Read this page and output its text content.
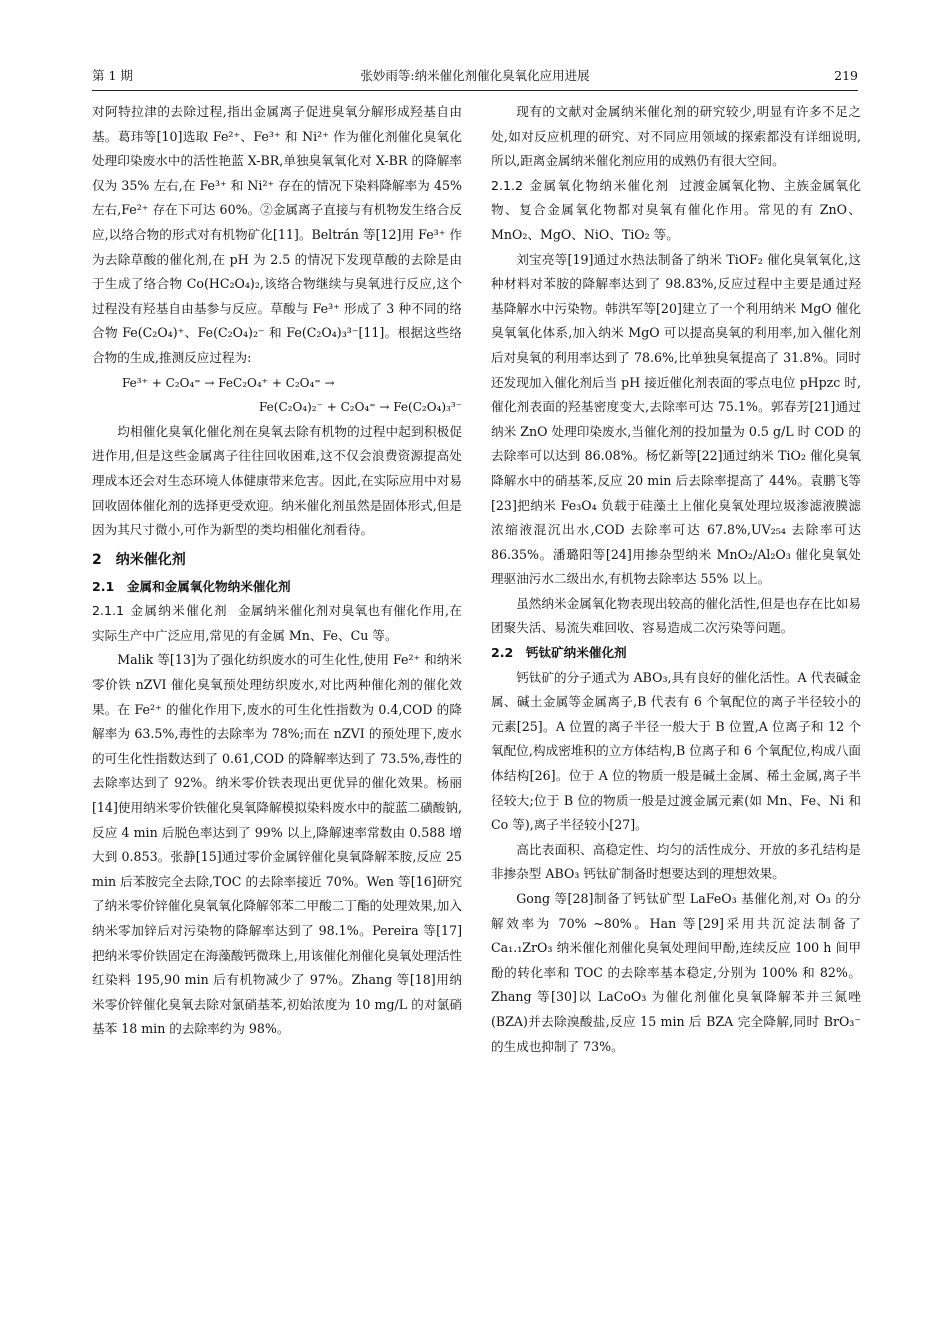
第 1 期	张妙雨等:纳米催化剂催化臭氧化应用进展	219

对阿特拉津的去除过程,指出金属离子促进臭氧分解形成羟基自由基。葛玮等[10]选取 Fe²⁺、Fe³⁺ 和 Ni²⁺ 作为催化剂催化臭氧化处理印染废水中的活性艳蓝 X-BR,单独臭氧氧化对 X-BR 的降解率仅为 35% 左右,在 Fe³⁺ 和 Ni²⁺ 存在的情况下染料降解率为 45% 左右,Fe²⁺ 存在下可达 60%。②金属离子直接与有机物发生络合反应,以络合物的形式对有机物矿化[11]。Beltrán 等[12]用 Fe³⁺ 作为去除草酸的催化剂,在 pH 为 2.5 的情况下发现草酸的去除是由于生成了络合物 Co(HC₂O₄)₂,该络合物继续与臭氧进行反应,这个过程没有羟基自由基参与反应。草酸与 Fe³⁺ 形成了 3 种不同的络合物 Fe(C₂O₄)⁺、Fe(C₂O₄)₂⁻ 和 Fe(C₂O₄)₃³⁻[11]。根据这些络合物的生成,推测反应过程为:

Fe³⁺ + C₂O₄⁼ → FeC₂O₄⁺ + C₂O₄⁼ →
Fe(C₂O₄)₂⁻ + C₂O₄⁼ → Fe(C₂O₄)₃³⁻

均相催化臭氧化催化剂在臭氧去除有机物的过程中起到积极促进作用,但是这些金属离子往往回收困难,这不仅会浪费资源提高处理成本还会对生态环境人体健康带来危害。因此,在实际应用中对易回收固体催化剂的选择更受欢迎。纳米催化剂虽然是固体形式,但是因为其尺寸微小,可作为新型的类均相催化剂看待。

2　纳米催化剂
2.1　金属和金属氧化物纳米催化剂

2.1.1 金属纳米催化剂 金属纳米催化剂对臭氧也有催化作用,在实际生产中广泛应用,常见的有金属 Mn、Fe、Cu 等。

Malik 等[13]为了强化纺织废水的可生化性,使用 Fe²⁺ 和纳米零价铁 nZVI 催化臭氧预处理纺织废水,对比两种催化剂的催化效果。在 Fe²⁺ 的催化作用下,废水的可生化性指数为 0.4,COD 的降解率为 63.5%,毒性的去除率为 78%;而在 nZVI 的预处理下,废水的可生化性指数达到了 0.61,COD 的降解率达到了 73.5%,毒性的去除率达到了 92%。纳米零价铁表现出更优异的催化效果。杨丽[14]使用纳米零价铁催化臭氧降解模拟染料废水中的靛蓝二磺酸钠,反应 4 min 后脱色率达到了 99% 以上,降解速率常数由 0.588 增大到 0.853。张静[15]通过零价金属锌催化臭氧降解苯胺,反应 25 min 后苯胺完全去除,TOC 的去除率接近 70%。Wen 等[16]研究了纳米零价锌催化臭氧氧化降解邻苯二甲酸二丁酯的处理效果,加入纳米零加锌后对污染物的降解率达到了 98.1%。Pereira 等[17]把纳米零价铁固定在海藻酸钙微珠上,用该催化剂催化臭氧处理活性红染料 195,90 min 后有机物减少了 97%。Zhang 等[18]用纳米零价锌催化臭氧去除对氯硝基苯,初始浓度为 10 mg/L 的对氯硝基苯 18 min 的去除率约为 98%。

现有的文献对金属纳米催化剂的研究较少,明显有许多不足之处,如对反应机理的研究、对不同应用领域的探索都没有详细说明,所以,距离金属纳米催化剂应用的成熟仍有很大空间。

2.1.2 金属氧化物纳米催化剂 过渡金属氧化物、主族金属氧化物、复合金属氧化物都对臭氧有催化作用。常见的有 ZnO、MnO₂、MgO、NiO、TiO₂ 等。

刘宝亮等[19]通过水热法制备了纳米 TiOF₂ 催化臭氧氧化,这种材料对苯胺的降解率达到了 98.83%,反应过程中主要是通过羟基降解水中污染物。韩洪军等[20]建立了一个利用纳米 MgO 催化臭氧氧化体系,加入纳米 MgO 可以提高臭氧的利用率,加入催化剂后对臭氧的利用率达到了 78.6%,比单独臭氧提高了 31.8%。同时还发现加入催化剂后当 pH 接近催化剂表面的零点电位 pHpzc 时,催化剂表面的羟基密度变大,去除率可达 75.1%。郭春芳[21]通过纳米 ZnO 处理印染废水,当催化剂的投加量为 0.5 g/L 时 COD 的去除率可以达到 86.08%。杨忆新等[22]通过纳米 TiO₂ 催化臭氧降解水中的硝基苯,反应 20 min 后去除率提高了 44%。袁鹏飞等[23]把纳米 Fe₃O₄ 负载于硅藻土上催化臭氧处理垃圾渗滤液膜滤浓缩液混沉出水,COD 去除率可达 67.8%,UV₂₅₄ 去除率可达 86.35%。潘璐阳等[24]用掺杂型纳米 MnO₂/Al₂O₃ 催化臭氧处理驱油污水二级出水,有机物去除率达 55% 以上。

虽然纳米金属氧化物表现出较高的催化活性,但是也存在比如易团聚失活、易流失难回收、容易造成二次污染等问题。

2.2　钙钛矿纳米催化剂

钙钛矿的分子通式为 ABO₃,具有良好的催化活性。A 代表碱金属、碱土金属等金属离子,B 代表有 6 个氧配位的离子半径较小的元素[25]。A 位置的离子半径一般大于 B 位置,A 位离子和 12 个氧配位,构成密堆积的立方体结构,B 位离子和 6 个氧配位,构成八面体结构[26]。位于 A 位的物质一般是碱土金属、稀土金属,离子半径较大;位于 B 位的物质一般是过渡金属元素(如 Mn、Fe、Ni 和 Co 等),离子半径较小[27]。

高比表面积、高稳定性、均匀的活性成分、开放的多孔结构是非掺杂型 ABO₃ 钙钛矿制备时想要达到的理想效果。

Gong 等[28]制备了钙钛矿型 LaFeO₃ 基催化剂,对 O₃ 的分解效率为 70% ~80%。Han 等[29]采用共沉淀法制备了 Ca₁.₁ZrO₃ 纳米催化剂催化臭氧处理间甲酚,连续反应 100 h 间甲酚的转化率和 TOC 的去除率基本稳定,分别为 100% 和 82%。Zhang 等[30]以 LaCoO₃ 为催化剂催化臭氧降解苯并三氮唑(BZA)并去除溴酸盐,反应 15 min 后 BZA 完全降解,同时 BrO₃⁻ 的生成也抑制了 73%。
